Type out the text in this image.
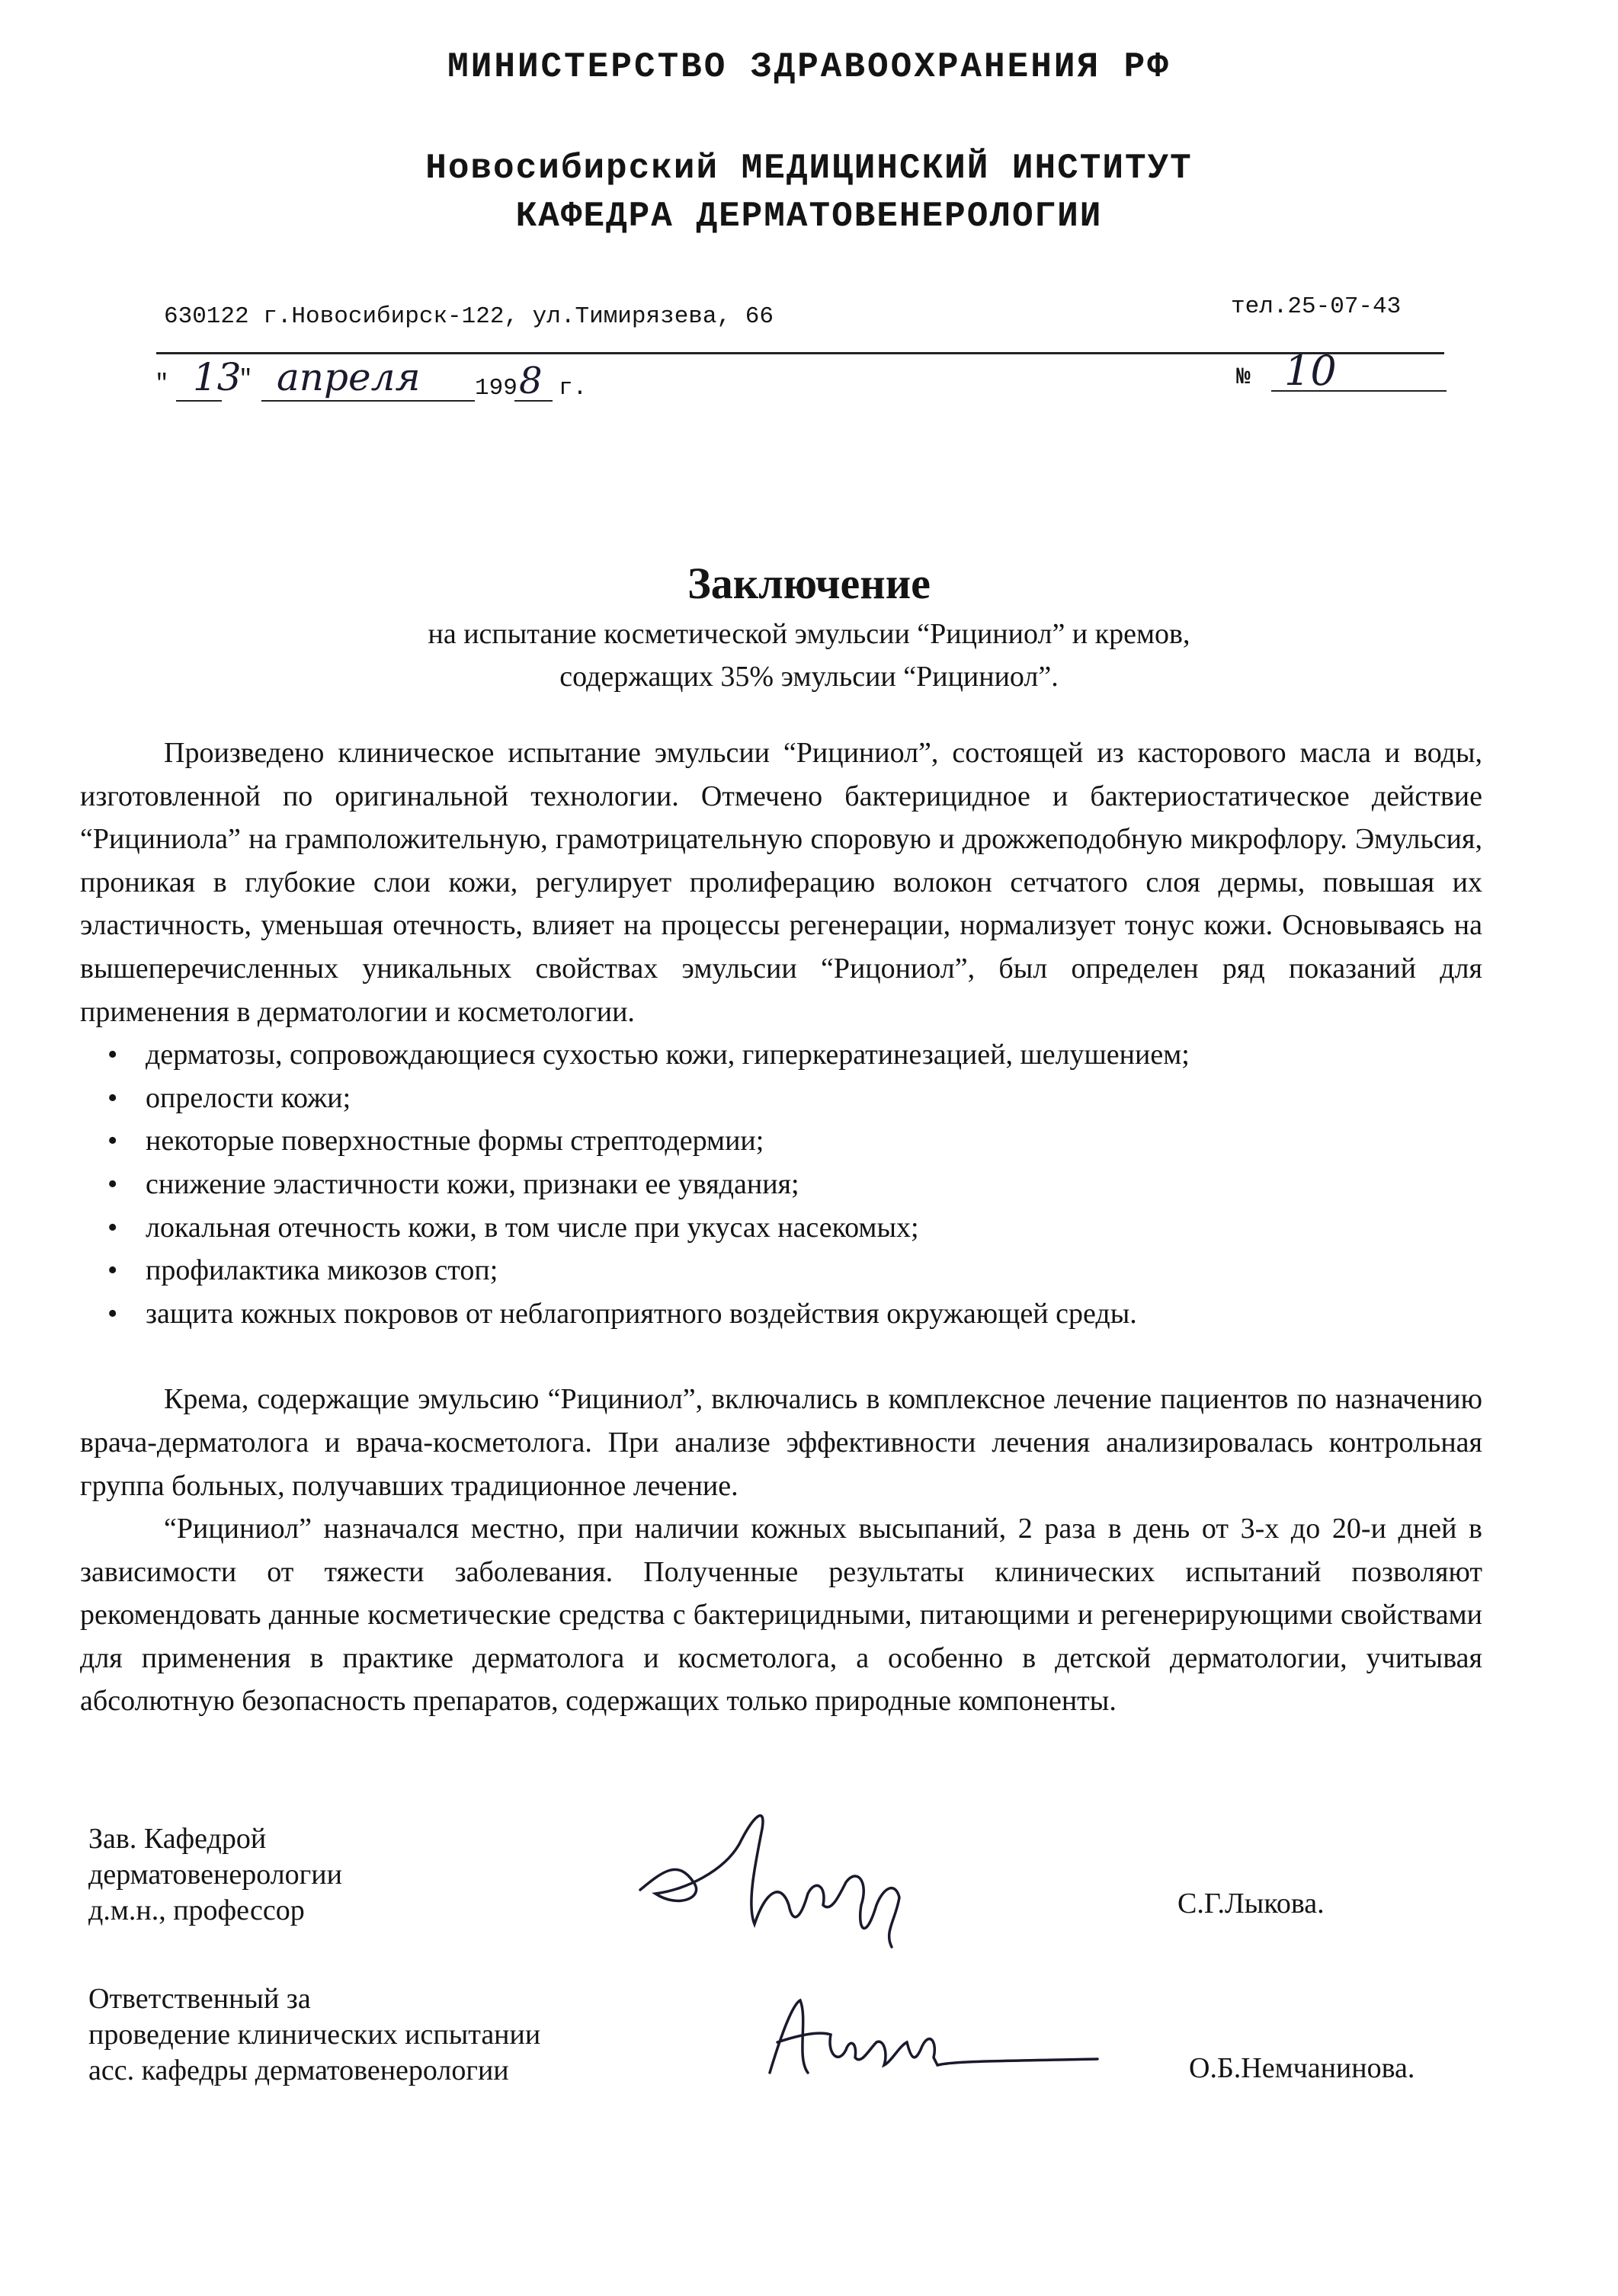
МИНИСТЕРСТВО ЗДРАВООХРАНЕНИЯ РФ
Новосибирский МЕДИЦИНСКИЙ ИНСТИТУТ
КАФЕДРА ДЕРМАТОВЕНЕРОЛОГИИ
630122 г.Новосибирск-122, ул.Тимирязева, 66	тел.25-07-43
" 13
" апреля 199 8 г.	№ 10
Заключение
на испытание косметической эмульсии “Рициниол” и кремов,
содержащих 35% эмульсии “Рициниол”.

Произведено клиническое испытание эмульсии “Рициниол”, состоящей из касторового масла и воды, изготовленной по оригинальной технологии. Отмечено бактерицидное и бактериостатическое действие “Рициниола” на грамположительную, грамотрицательную споровую и дрожжеподобную микрофлору. Эмульсия, проникая в глубокие слои кожи, регулирует пролиферацию волокон сетчатого слоя дермы, повышая их эластичность, уменьшая отечность, влияет на процессы регенерации, нормализует тонус кожи. Основываясь на вышеперечисленных уникальных свойствах эмульсии “Рицониол”, был определен ряд показаний для применения в дерматологии и косметологии.

• дерматозы, сопровождающиеся сухостью кожи, гиперкератинезацией, шелушением;
• опрелости кожи;
• некоторые поверхностные формы стрептодермии;
• снижение эластичности кожи, признаки ее увядания;
• локальная отечность кожи, в том числе при укусах насекомых;
• профилактика микозов стоп;
• защита кожных покровов от неблагоприятного воздействия окружающей среды.

Крема, содержащие эмульсию “Рициниол”, включались в комплексное лечение пациентов по назначению врача-дерматолога и врача-косметолога. При анализе эффективности лечения анализировалась контрольная группа больных, получавших традиционное лечение.

“Рициниол” назначался местно, при наличии кожных высыпаний, 2 раза в день от 3-х до 20-и дней в зависимости от тяжести заболевания. Полученные результаты клинических испытаний позволяют рекомендовать данные косметические средства с бактерицидными, питающими и регенерирующими свойствами для применения в практике дерматолога и косметолога, а особенно в детской дерматологии, учитывая абсолютную безопасность препаратов, содержащих только природные компоненты.

Зав. Кафедрой
дерматовенерологии
д.м.н., профессор	С.Г.Лыкова.
Ответственный за
проведение клинических испытании
асс. кафедры дерматовенерологии	О.Б.Немчанинова.
